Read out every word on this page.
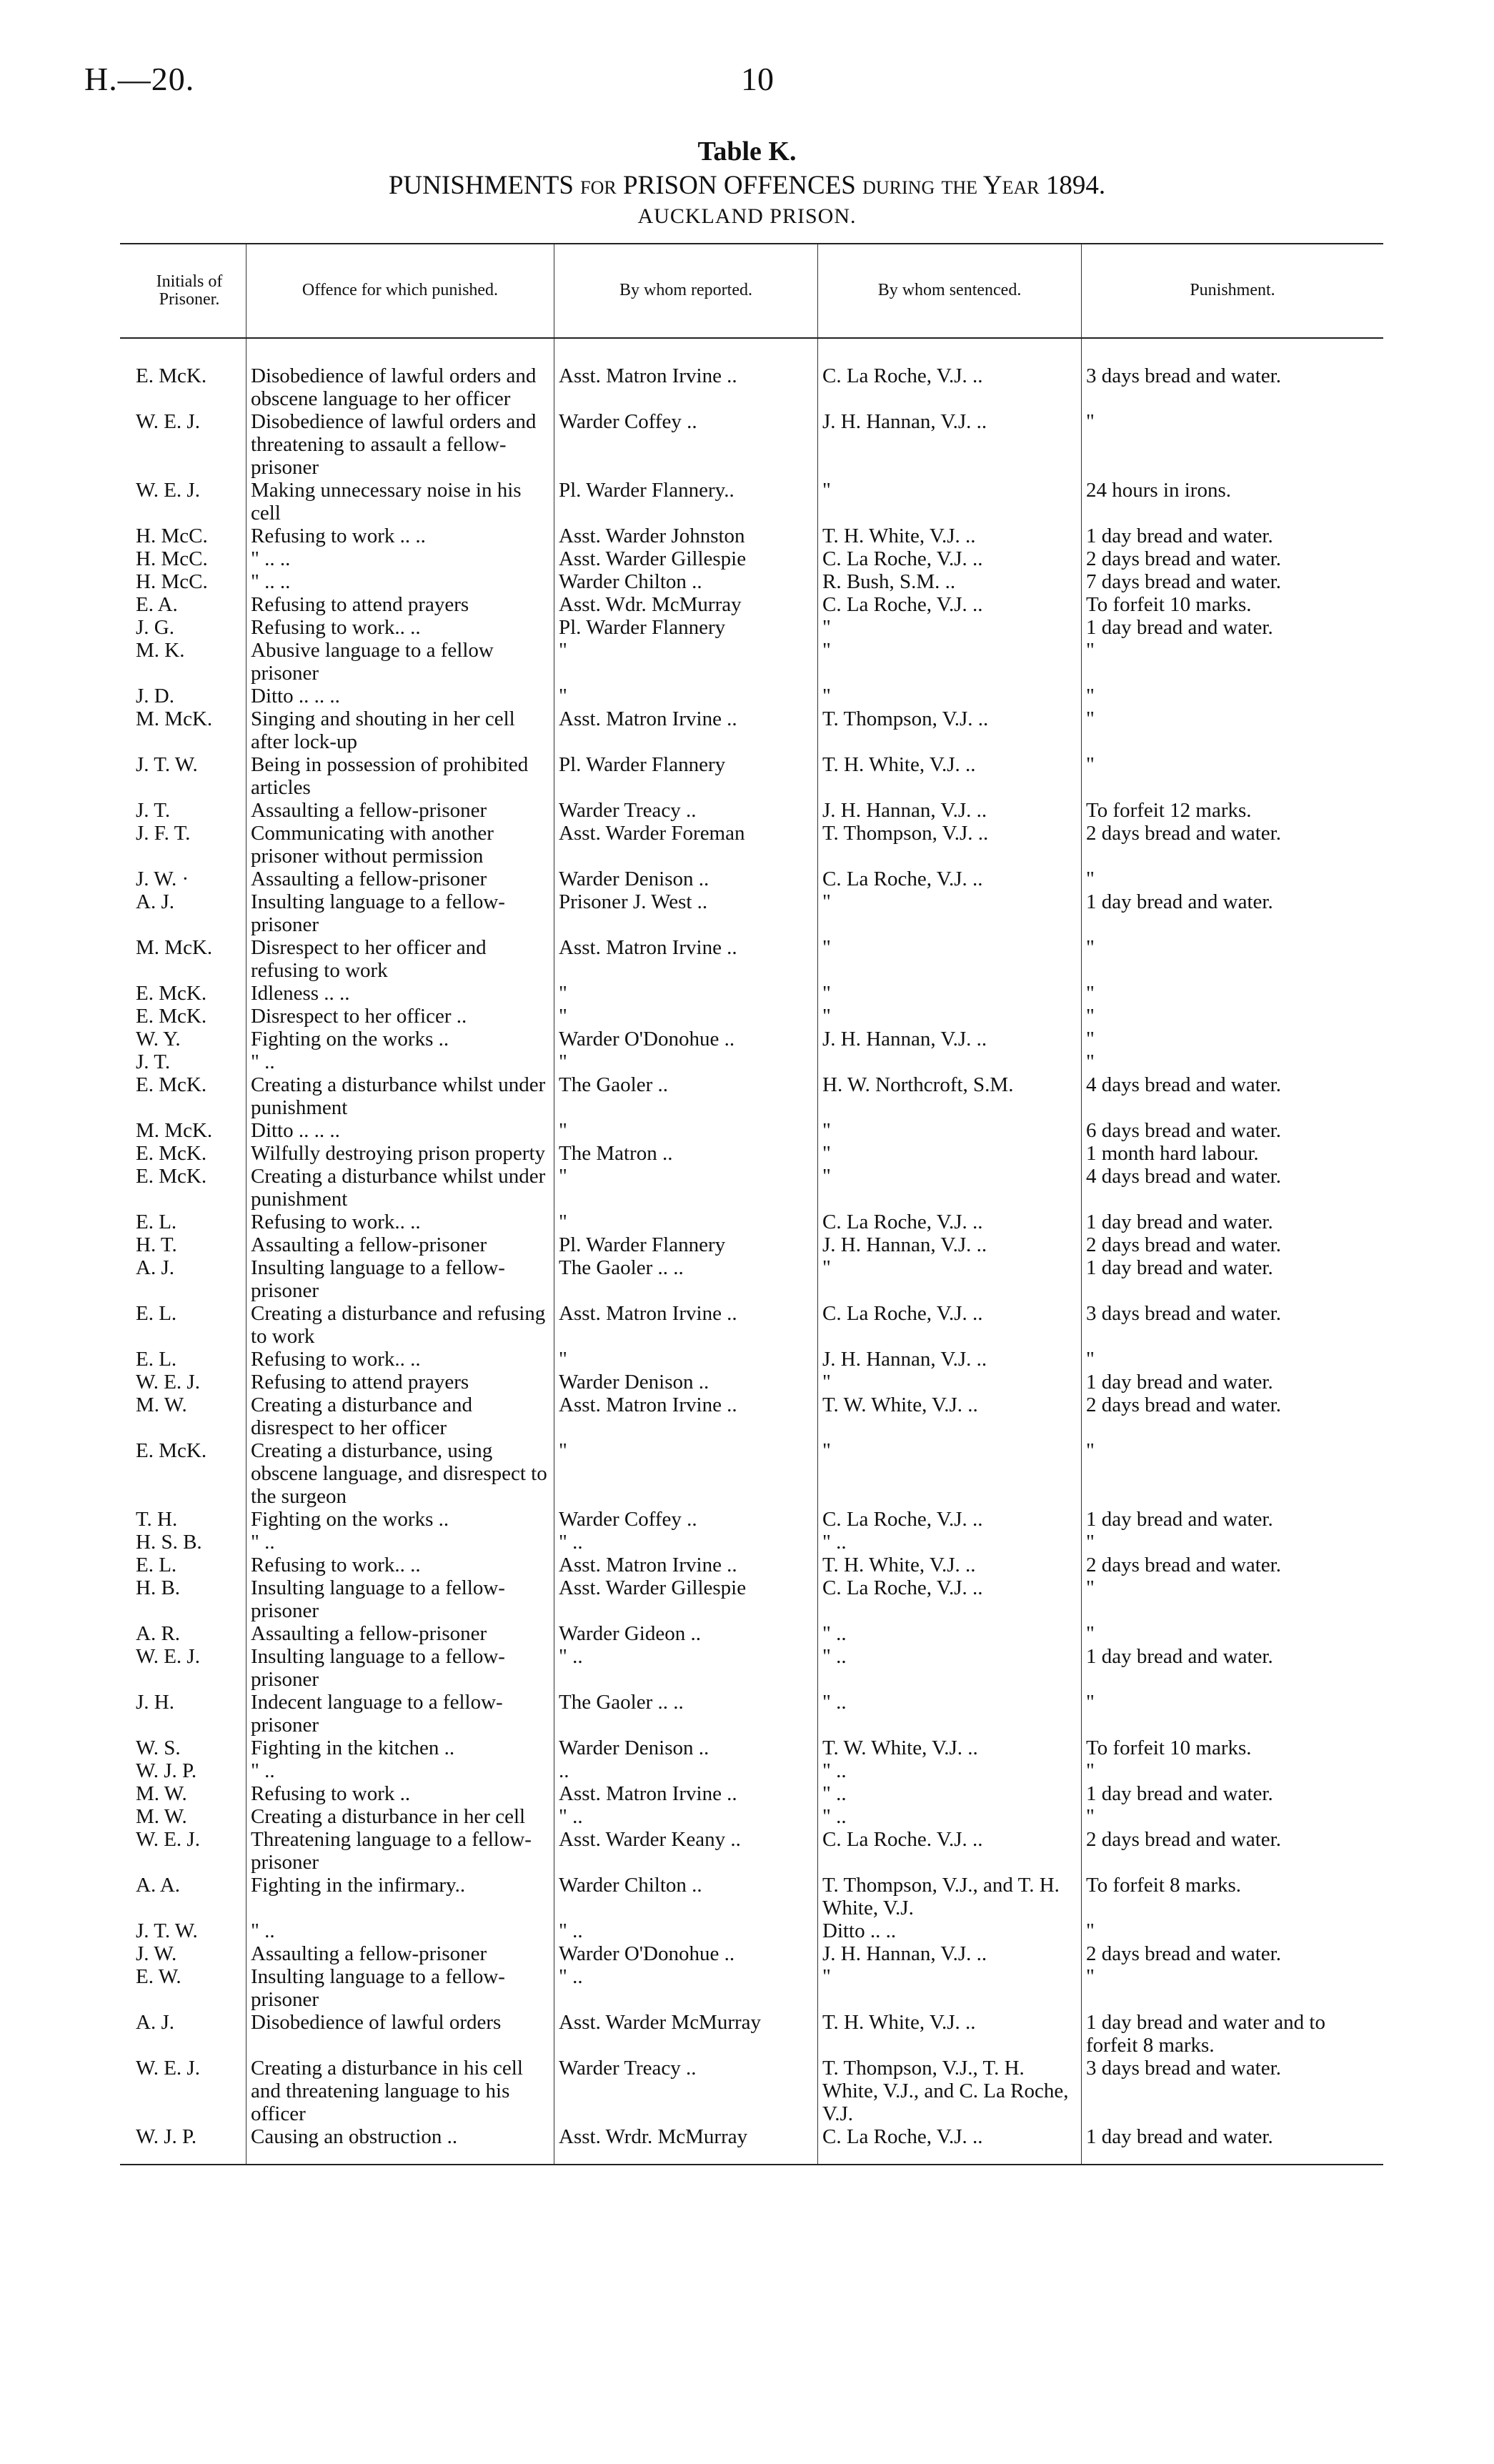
H.—20.	10
Table K.
PUNISHMENTS for PRISON OFFENCES during the Year 1894.
AUCKLAND PRISON.
Initials of Prisoner.	Offence for which punished.	By whom reported.	By whom sentenced.	Punishment.
E. McK.	Disobedience of lawful orders and obscene language to her officer	Asst. Matron Irvine ..	C. La Roche, V.J. ..	3 days bread and water.
W. E. J.	Disobedience of lawful orders and threatening to assault a fellow-prisoner	Warder Coffey ..	J. H. Hannan, V.J. ..	"
W. E. J.	Making unnecessary noise in his cell	Pl. Warder Flannery..	"	24 hours in irons.
H. McC.	Refusing to work .. ..	Asst. Warder Johnston	T. H. White, V.J. ..	1 day bread and water.
H. McC.	" .. ..	Asst. Warder Gillespie	C. La Roche, V.J. ..	2 days bread and water.
H. McC.	" .. ..	Warder Chilton ..	R. Bush, S.M. ..	7 days bread and water.
E. A.	Refusing to attend prayers	Asst. Wdr. McMurray	C. La Roche, V.J. ..	To forfeit 10 marks.
J. G.	Refusing to work.. ..	Pl. Warder Flannery	"	1 day bread and water.
M. K.	Abusive language to a fellow prisoner	"	"	"
J. D.	Ditto .. .. ..	"	"	"
M. McK.	Singing and shouting in her cell after lock-up	Asst. Matron Irvine ..	T. Thompson, V.J. ..	"
J. T. W.	Being in possession of prohibited articles	Pl. Warder Flannery	T. H. White, V.J. ..	"
J. T.	Assaulting a fellow-prisoner	Warder Treacy ..	J. H. Hannan, V.J. ..	To forfeit 12 marks.
J. F. T.	Communicating with another prisoner without permission	Asst. Warder Foreman	T. Thompson, V.J. ..	2 days bread and water.
J. W. ·	Assaulting a fellow-prisoner	Warder Denison ..	C. La Roche, V.J. ..	"
A. J.	Insulting language to a fellow-prisoner	Prisoner J. West ..	"	1 day bread and water.
M. McK.	Disrespect to her officer and refusing to work	Asst. Matron Irvine ..	"	"
E. McK.	Idleness .. ..	"	"	"
E. McK.	Disrespect to her officer ..	"	"	"
W. Y.	Fighting on the works ..	Warder O'Donohue ..	J. H. Hannan, V.J. ..	"
J. T.	" ..	"		"
E. McK.	Creating a disturbance whilst under punishment	The Gaoler ..	H. W. Northcroft, S.M.	4 days bread and water.
M. McK.	Ditto .. .. ..	"	"	6 days bread and water.
E. McK.	Wilfully destroying prison property	The Matron ..	"	1 month hard labour.
E. McK.	Creating a disturbance whilst under punishment	"	"	4 days bread and water.
E. L.	Refusing to work.. ..	"	C. La Roche, V.J. ..	1 day bread and water.
H. T.	Assaulting a fellow-prisoner	Pl. Warder Flannery	J. H. Hannan, V.J. ..	2 days bread and water.
A. J.	Insulting language to a fellow-prisoner	The Gaoler .. ..	"	1 day bread and water.
E. L.	Creating a disturbance and refusing to work	Asst. Matron Irvine ..	C. La Roche, V.J. ..	3 days bread and water.
E. L.	Refusing to work.. ..	"	J. H. Hannan, V.J. ..	"
W. E. J.	Refusing to attend prayers	Warder Denison ..	"	1 day bread and water.
M. W.	Creating a disturbance and disrespect to her officer	Asst. Matron Irvine ..	T. W. White, V.J. ..	2 days bread and water.
E. McK.	Creating a disturbance, using obscene language, and disrespect to the surgeon	"	"	"
T. H.	Fighting on the works ..	Warder Coffey ..	C. La Roche, V.J. ..	1 day bread and water.
H. S. B.	" ..	" ..	" ..	"
E. L.	Refusing to work.. ..	Asst. Matron Irvine ..	T. H. White, V.J. ..	2 days bread and water.
H. B.	Insulting language to a fellow-prisoner	Asst. Warder Gillespie	C. La Roche, V.J. ..	"
A. R.	Assaulting a fellow-prisoner	Warder Gideon ..	" ..	"
W. E. J.	Insulting language to a fellow-prisoner	" ..	" ..	1 day bread and water.
J. H.	Indecent language to a fellow-prisoner	The Gaoler .. ..	" ..	"
W. S.	Fighting in the kitchen ..	Warder Denison ..	T. W. White, V.J. ..	To forfeit 10 marks.
W. J. P.	" ..	..	" ..	"
M. W.	Refusing to work ..	Asst. Matron Irvine ..	" ..	1 day bread and water.
M. W.	Creating a disturbance in her cell	" ..	" ..	"
W. E. J.	Threatening language to a fellow-prisoner	Asst. Warder Keany ..	C. La Roche. V.J. ..	2 days bread and water.
A. A.	Fighting in the infirmary..	Warder Chilton ..	T. Thompson, V.J., and T. H. White, V.J.	To forfeit 8 marks.
J. T. W.	" ..	" ..	Ditto .. ..	"
J. W.	Assaulting a fellow-prisoner	Warder O'Donohue ..	J. H. Hannan, V.J. ..	2 days bread and water.
E. W.	Insulting language to a fellow-prisoner	" ..	"	"
A. J.	Disobedience of lawful orders	Asst. Warder McMurray	T. H. White, V.J. ..	1 day bread and water and to forfeit 8 marks.
W. E. J.	Creating a disturbance in his cell and threatening language to his officer	Warder Treacy ..	T. Thompson, V.J., T. H. White, V.J., and C. La Roche, V.J.	3 days bread and water.
W. J. P.	Causing an obstruction ..	Asst. Wrdr. McMurray	C. La Roche, V.J. ..	1 day bread and water.
